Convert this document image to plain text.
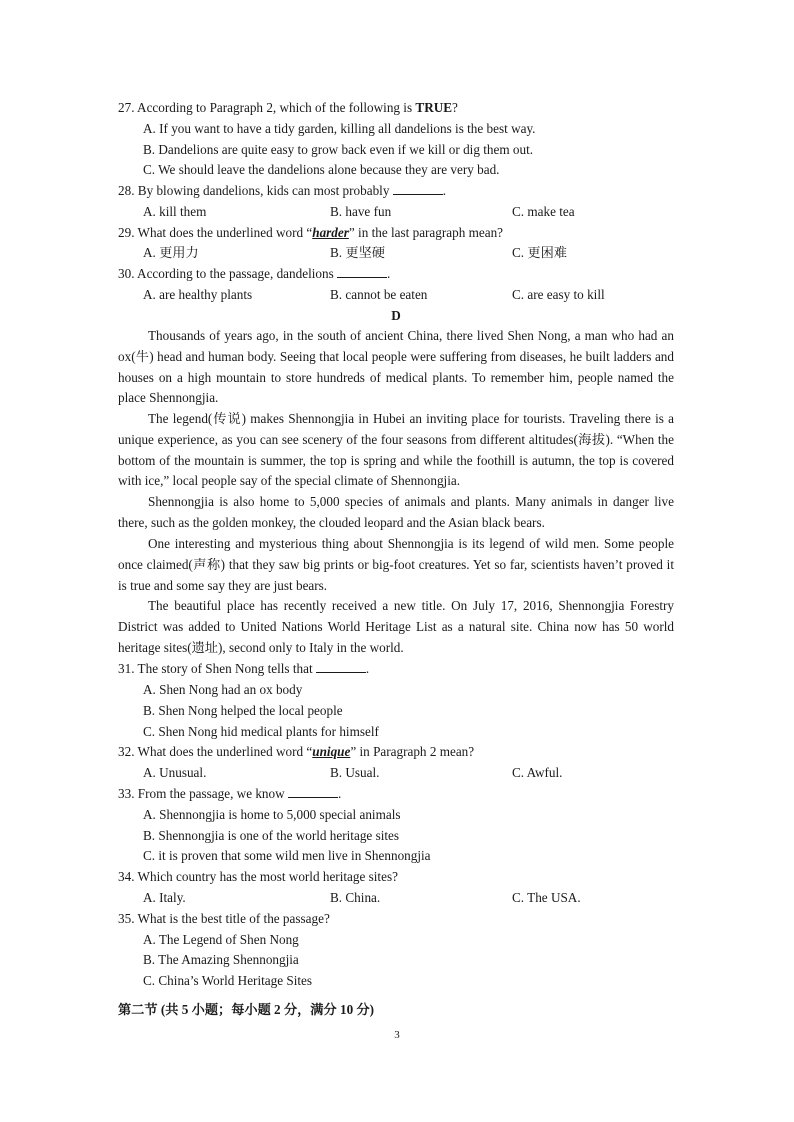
27. According to Paragraph 2, which of the following is TRUE?
A. If you want to have a tidy garden, killing all dandelions is the best way.
B. Dandelions are quite easy to grow back even if we kill or dig them out.
C. We should leave the dandelions alone because they are very bad.
28. By blowing dandelions, kids can most probably	.
A. kill them	B. have fun	C. make tea
29. What does the underlined word “harder” in the last paragraph mean?
A. 更用力	B. 更坚硬	C. 更困难
30. According to the passage, dandelions	.
A. are healthy plants	B. cannot be eaten	C. are easy to kill
D
Thousands of years ago, in the south of ancient China, there lived Shen Nong, a man who had an ox(牛) head and human body. Seeing that local people were suffering from diseases, he built ladders and houses on a high mountain to store hundreds of medical plants. To remember him, people named the place Shennongjia.
The legend(传说) makes Shennongjia in Hubei an inviting place for tourists. Traveling there is a unique experience, as you can see scenery of the four seasons from different altitudes(海拔). “When the bottom of the mountain is summer, the top is spring and while the foothill is autumn, the top is covered with ice,” local people say of the special climate of Shennongjia.
Shennongjia is also home to 5,000 species of animals and plants. Many animals in danger live there, such as the golden monkey, the clouded leopard and the Asian black bears.
One interesting and mysterious thing about Shennongjia is its legend of wild men. Some people once claimed(声称) that they saw big prints or big-foot creatures. Yet so far, scientists haven’t proved it is true and some say they are just bears.
The beautiful place has recently received a new title. On July 17, 2016, Shennongjia Forestry District was added to United Nations World Heritage List as a natural site. China now has 50 world heritage sites(遗址), second only to Italy in the world.
31. The story of Shen Nong tells that	.
A. Shen Nong had an ox body
B. Shen Nong helped the local people
C. Shen Nong hid medical plants for himself
32. What does the underlined word “unique” in Paragraph 2 mean?
A. Unusual.	B. Usual.	C. Awful.
33. From the passage, we know	.
A. Shennongjia is home to 5,000 special animals
B. Shennongjia is one of the world heritage sites
C. it is proven that some wild men live in Shennongjia
34. Which country has the most world heritage sites?
A. Italy.	B. China.	C. The USA.
35. What is the best title of the passage?
A. The Legend of Shen Nong
B. The Amazing Shennongjia
C. China’s World Heritage Sites
第二节 (共 5 小题；每小题 2 分，满分 10 分)
3
